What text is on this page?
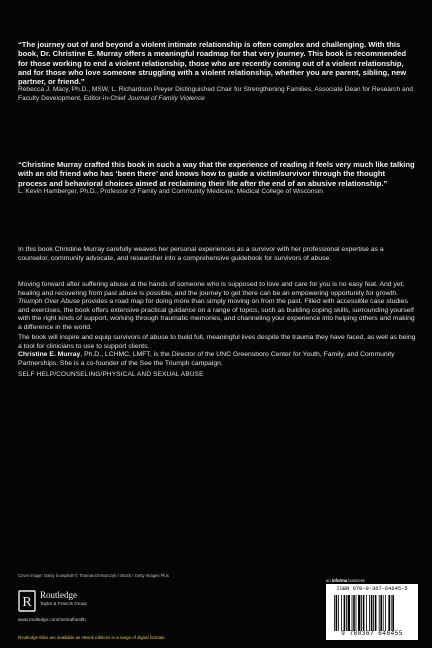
“The journey out of and beyond a violent intimate relationship is often complex and challenging. With this book, Dr. Christine E. Murray offers a meaningful roadmap for that very journey. This book is recommended for those working to end a violent relationship, those who are recently coming out of a violent relationship, and for those who love someone struggling with a violent relationship, whether you are parent, sibling, new partner, or friend.”
Rebecca J. Macy, Ph.D., MSW, L. Richardson Preyer Distinguished Chair for Strengthening Families, Associate Dean for Research and Faculty Development, Editor-in-Chief Journal of Family Violence
“Christine Murray crafted this book in such a way that the experience of reading it feels very much like talking with an old friend who has ‘been there’ and knows how to guide a victim/survivor through the thought process and behavioral choices aimed at reclaiming their life after the end of an abusive relationship.”
L. Kevin Hamberger, Ph.D., Professor of Family and Community Medicine, Medical College of Wisconsin

In this book Christine Murray carefully weaves her personal experiences as a survivor with her professional expertise as a counselor, community advocate, and researcher into a comprehensive guidebook for survivors of abuse.

Moving forward after suffering abuse at the hands of someone who is supposed to love and care for you is no easy feat. And yet, healing and recovering from past abuse is possible, and the journey to get there can be an empowering opportunity for growth. Triumph Over Abuse provides a road map for doing more than simply moving on from the past. Filled with accessible case studies and exercises, the book offers extensive practical guidance on a range of topics, such as building coping skills, surrounding yourself with the right kinds of support, working through traumatic memories, and channeling your experience into helping others and making a difference in the world.

The book will inspire and equip survivors of abuse to build full, meaningful lives despite the trauma they have faced, as well as being a tool for clinicians to use to support clients.

Christine E. Murray, Ph.D., LCHMC, LMFT, is the Director of the UNC Greensboro Center for Youth, Family, and Community Partnerships. She is a co-founder of the See the Triumph campaign.

SELF HELP/COUNSELING/PHYSICAL AND SEXUAL ABUSE
Cover image: Daisy in asphalt © Thomas Demarczyk / iStock / Getty Images Plus
R Routledge
Taylor & Francis Group
www.routledge.com/mentalhealth
Routledge titles are available as eBook editions in a range of digital formats
an informa business
ISBN 978-0-367-64645-5
9 780367 646455
